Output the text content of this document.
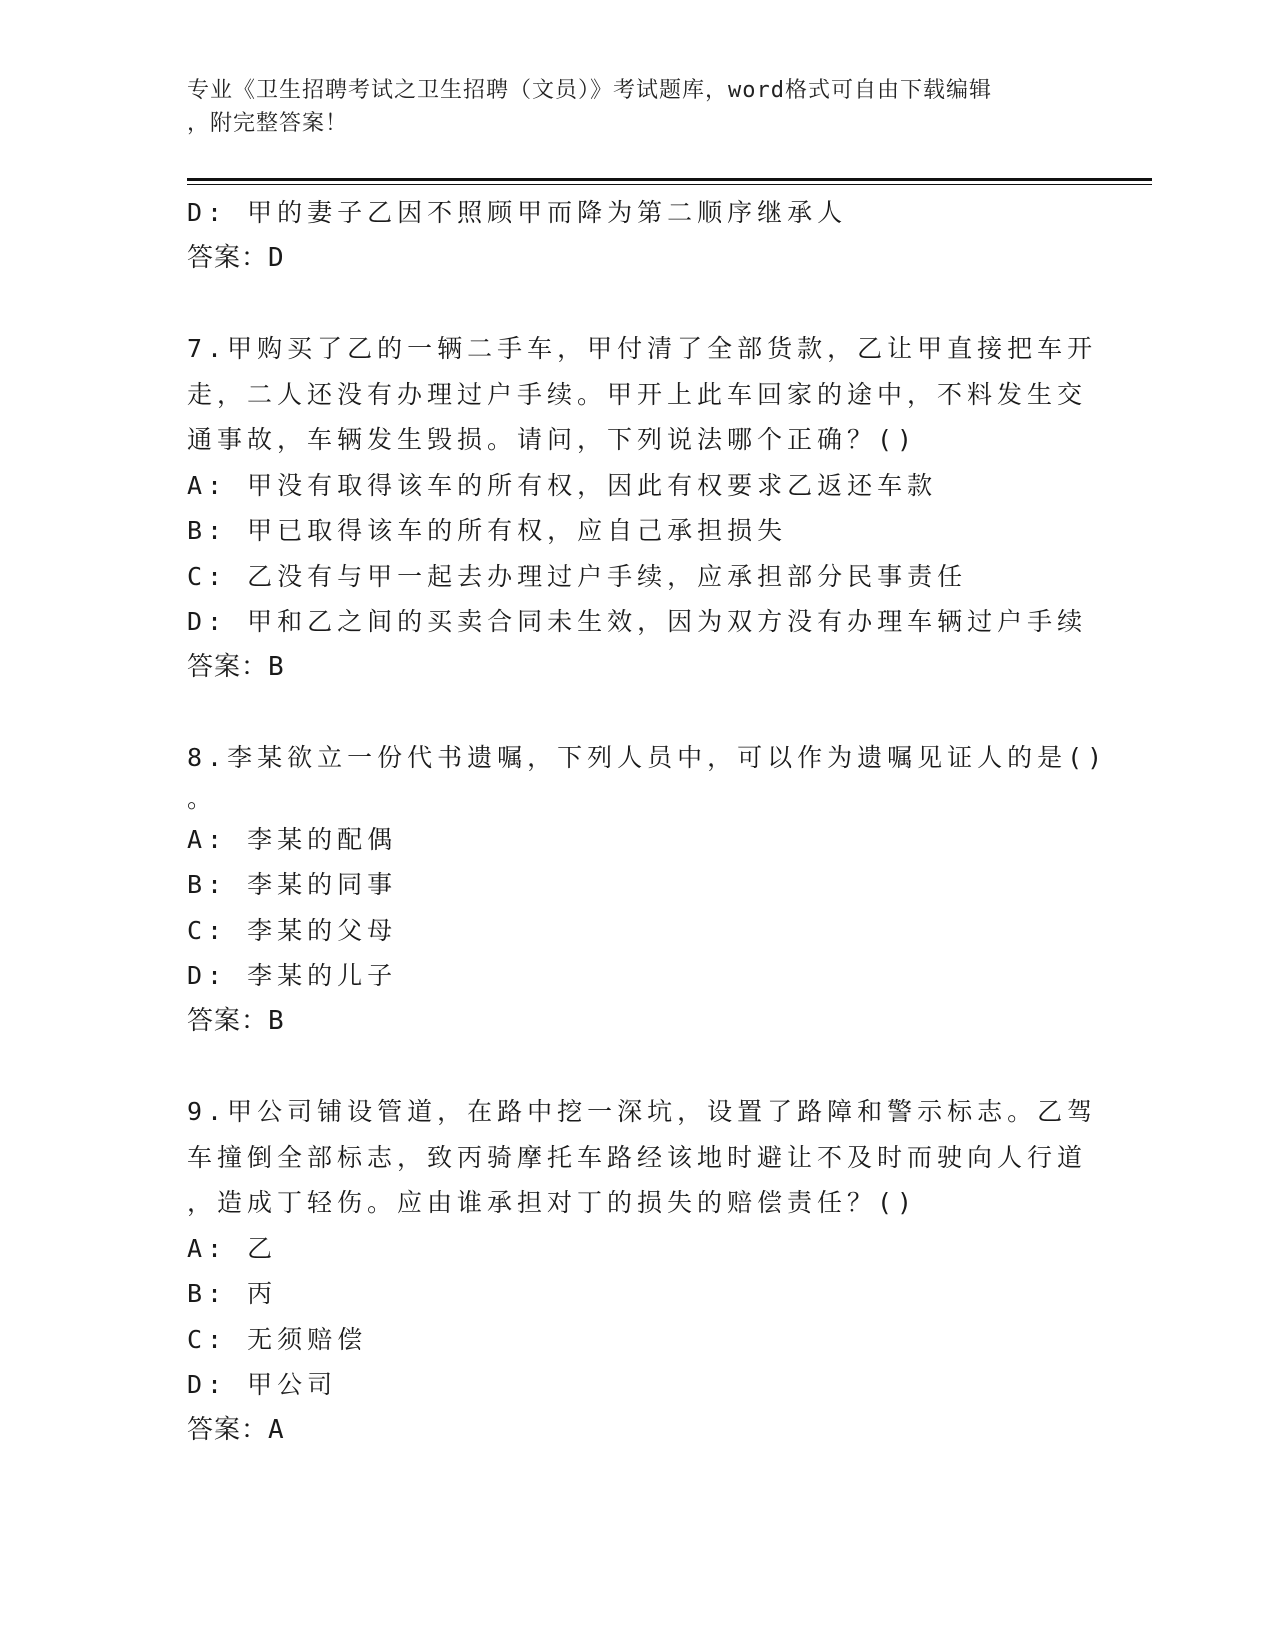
专业《卫生招聘考试之卫生招聘（文员）》考试题库，word格式可自由下载编辑
，附完整答案！
D: 甲的妻子乙因不照顾甲而降为第二顺序继承人
答案：D
7.甲购买了乙的一辆二手车，甲付清了全部货款，乙让甲直接把车开
走，二人还没有办理过户手续。甲开上此车回家的途中，不料发生交
通事故，车辆发生毁损。请问，下列说法哪个正确？()
A: 甲没有取得该车的所有权，因此有权要求乙返还车款
B: 甲已取得该车的所有权，应自己承担损失
C: 乙没有与甲一起去办理过户手续，应承担部分民事责任
D: 甲和乙之间的买卖合同未生效，因为双方没有办理车辆过户手续
答案：B
8.李某欲立一份代书遗嘱，下列人员中，可以作为遗嘱见证人的是()
。
A: 李某的配偶
B: 李某的同事
C: 李某的父母
D: 李某的儿子
答案：B
9.甲公司铺设管道，在路中挖一深坑，设置了路障和警示标志。乙驾
车撞倒全部标志，致丙骑摩托车路经该地时避让不及时而驶向人行道
，造成丁轻伤。应由谁承担对丁的损失的赔偿责任？()
A: 乙
B: 丙
C: 无须赔偿
D: 甲公司
答案：A
